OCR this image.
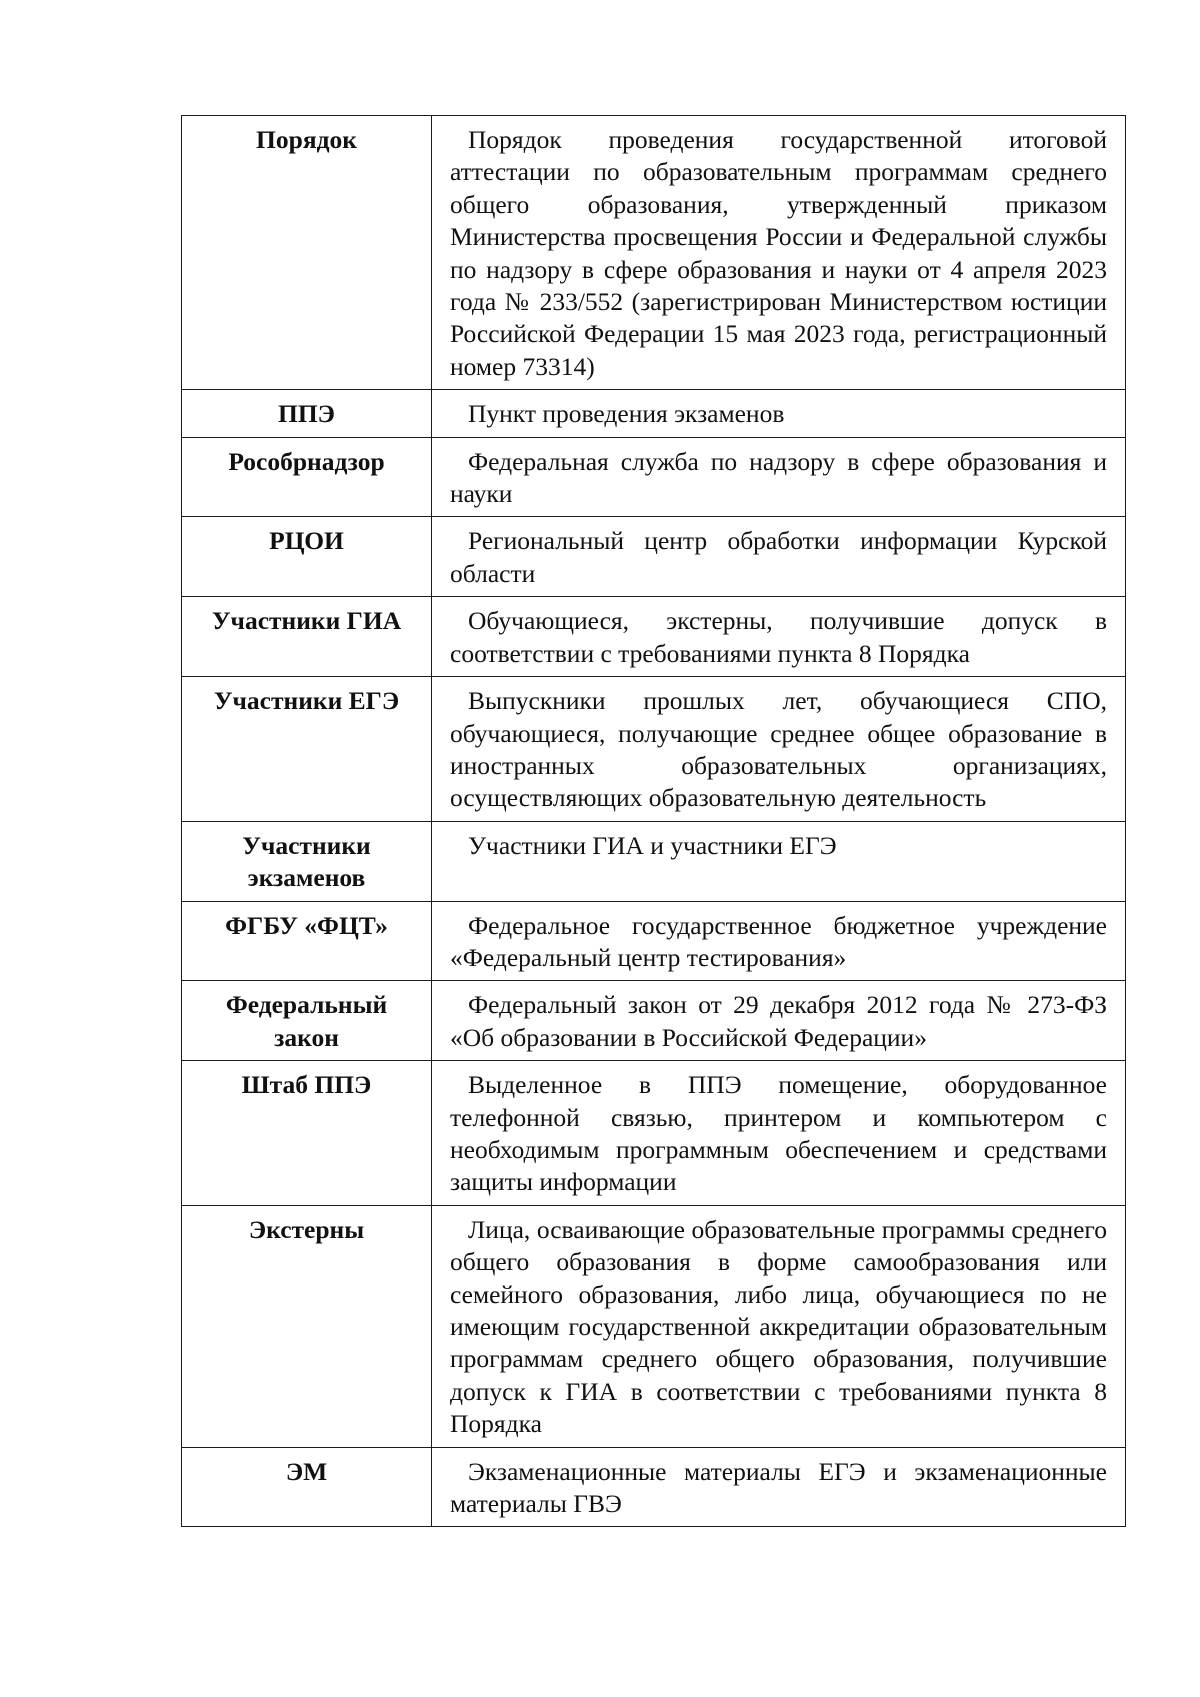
Порядок	Порядок проведения государственной итоговой аттестации по образовательным программам среднего общего образования, утвержденный приказом Министерства просвещения России и Федеральной службы по надзору в сфере образования и науки от 4 апреля 2023 года № 233/552 (зарегистрирован Министерством юстиции Российской Федерации 15 мая 2023 года, регистрационный номер 73314)
ППЭ	Пункт проведения экзаменов
Рособрнадзор	Федеральная служба по надзору в сфере образования и науки
РЦОИ	Региональный центр обработки информации Курской области
Участники ГИА	Обучающиеся, экстерны, получившие допуск в соответствии с требованиями пункта 8 Порядка
Участники ЕГЭ	Выпускники прошлых лет, обучающиеся СПО, обучающиеся, получающие среднее общее образование в иностранных образовательных организациях, осуществляющих образовательную деятельность
Участники экзаменов	Участники ГИА и участники ЕГЭ
ФГБУ «ФЦТ»	Федеральное государственное бюджетное учреждение «Федеральный центр тестирования»
Федеральный закон	Федеральный закон от 29 декабря 2012 года № 273-ФЗ «Об образовании в Российской Федерации»
Штаб ППЭ	Выделенное в ППЭ помещение, оборудованное телефонной связью, принтером и компьютером с необходимым программным обеспечением и средствами защиты информации
Экстерны	Лица, осваивающие образовательные программы среднего общего образования в форме самообразования или семейного образования, либо лица, обучающиеся по не имеющим государственной аккредитации образовательным программам среднего общего образования, получившие допуск к ГИА в соответствии с требованиями пункта 8 Порядка
ЭМ	Экзаменационные материалы ЕГЭ и экзаменационные материалы ГВЭ
